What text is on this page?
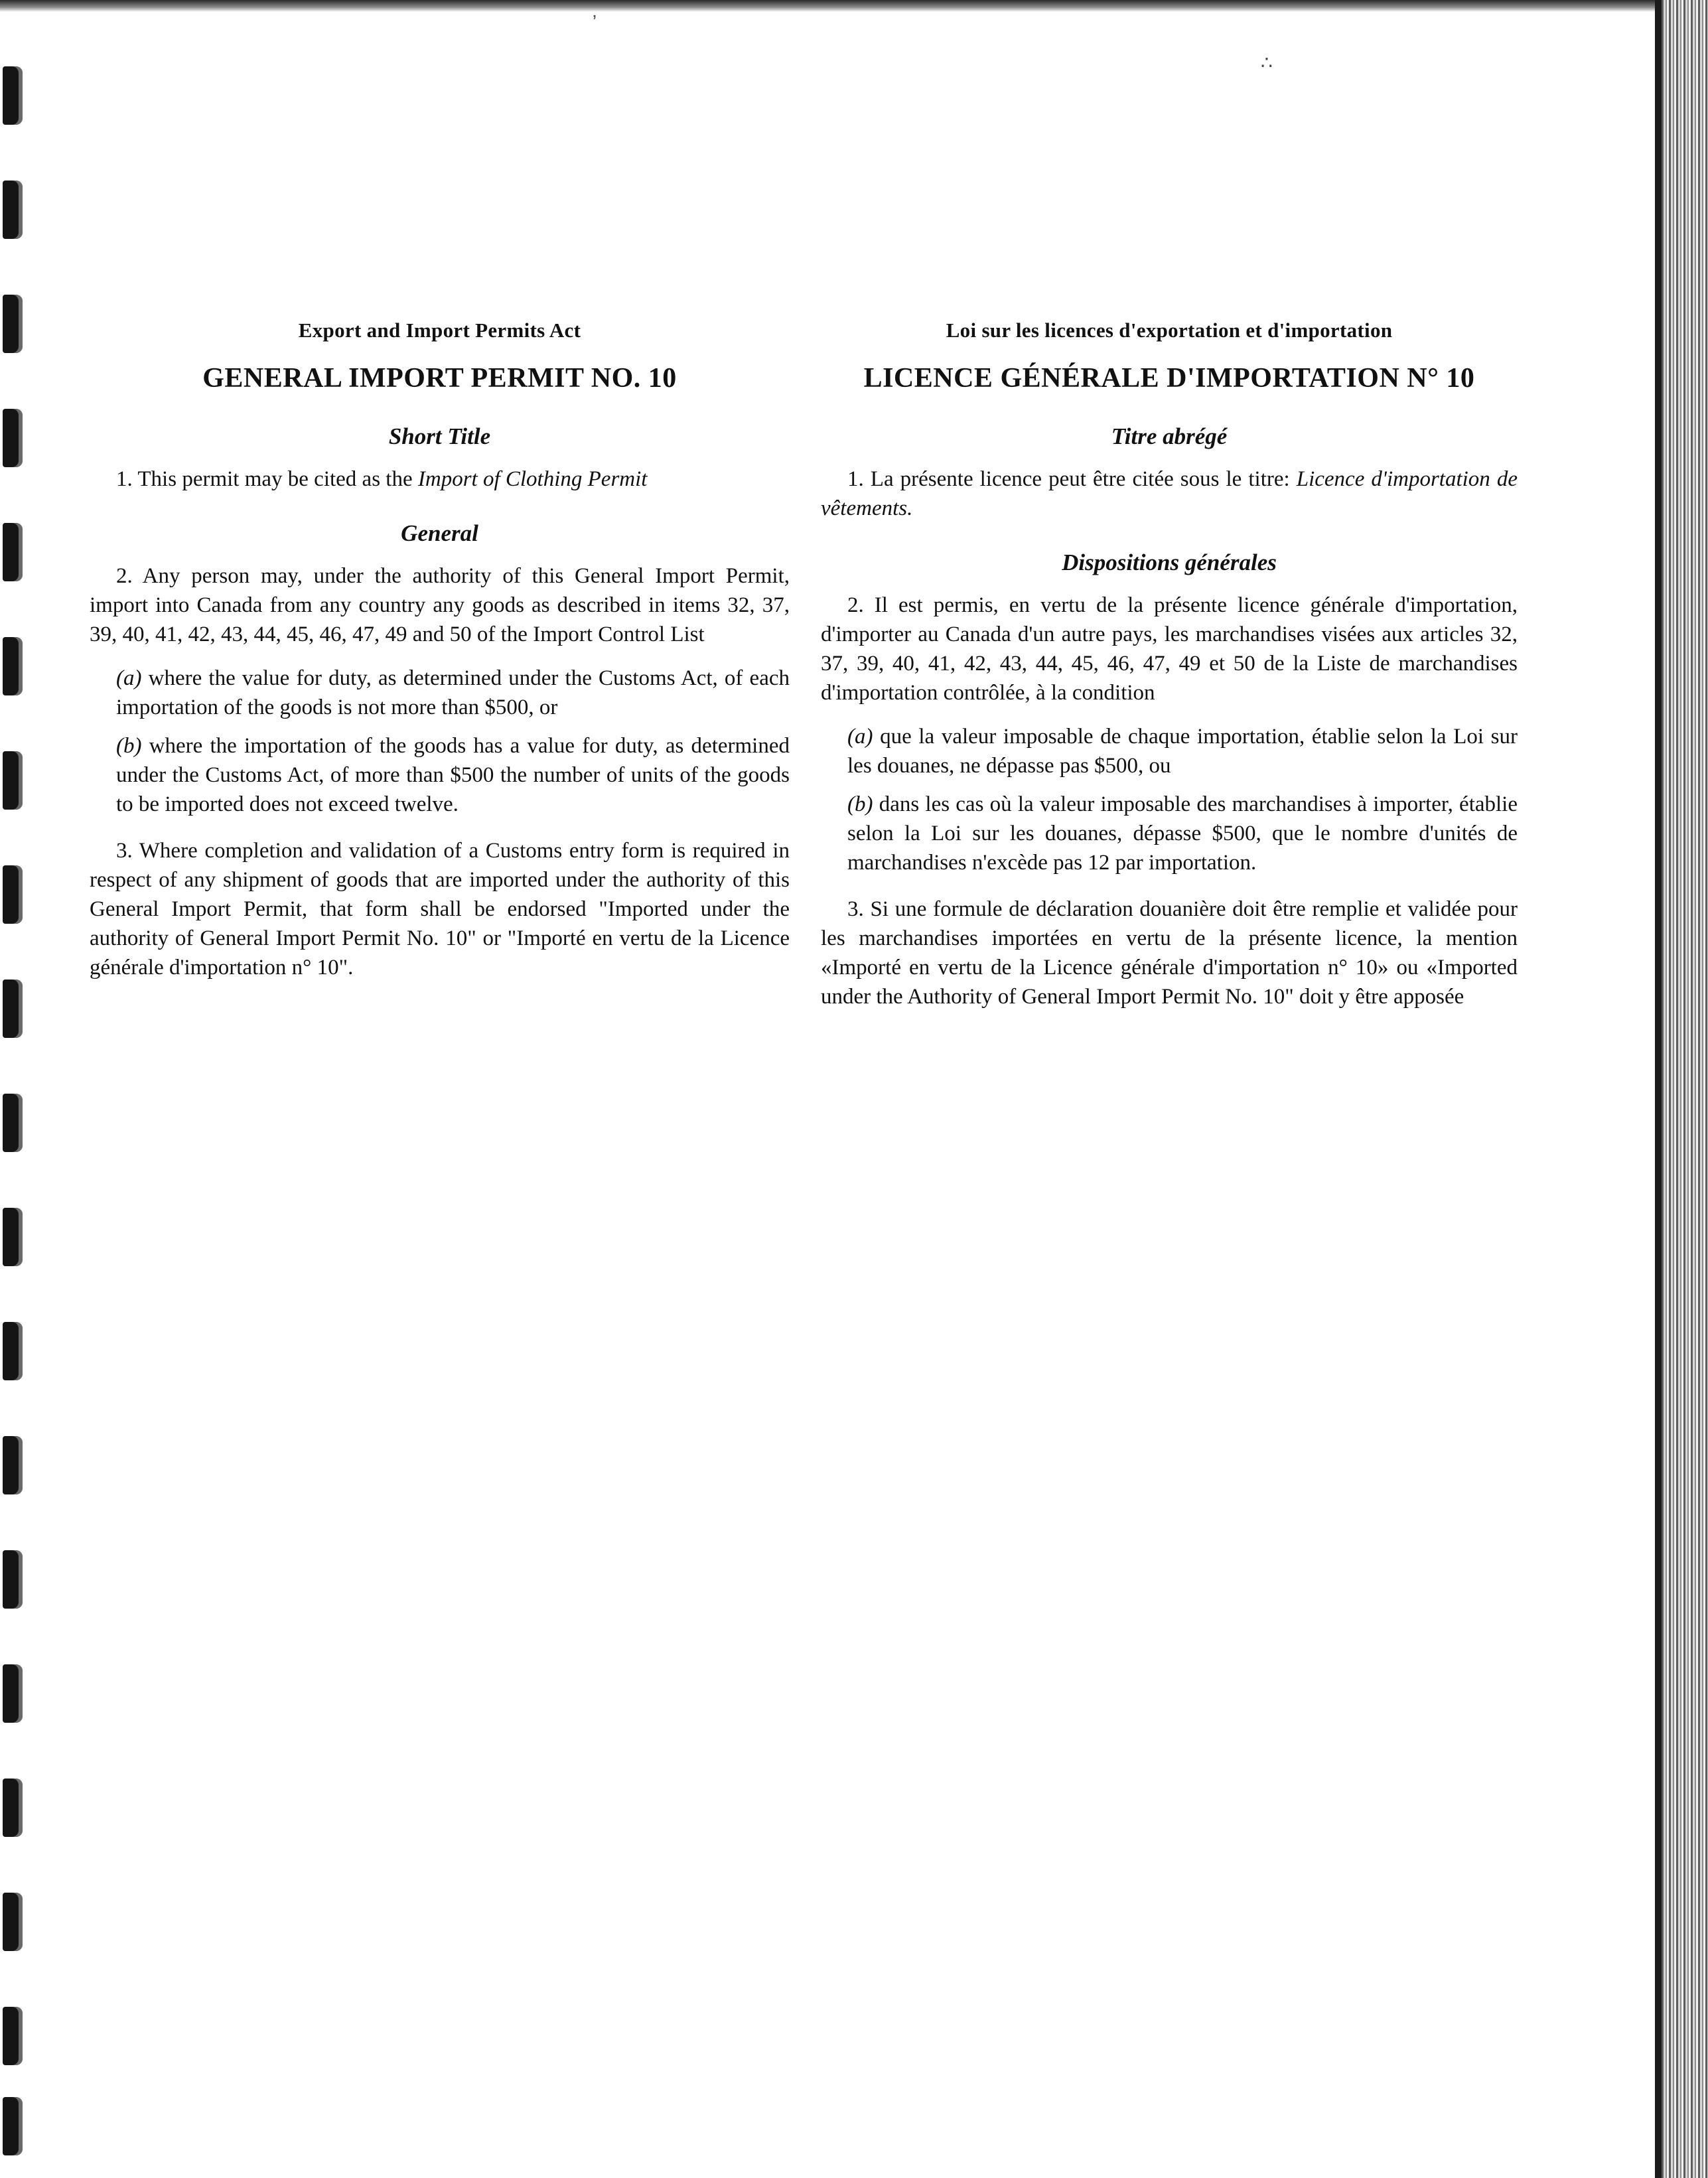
ʼ
∴
Export and Import Permits Act
GENERAL IMPORT PERMIT NO. 10
Short Title

1. This permit may be cited as the Import of Clothing Permit

General

2. Any person may, under the authority of this General Import Permit, import into Canada from any country any goods as described in items 32, 37, 39, 40, 41, 42, 43, 44, 45, 46, 47, 49 and 50 of the Import Control List

(a) where the value for duty, as determined under the Customs Act, of each importation of the goods is not more than $500, or

(b) where the importation of the goods has a value for duty, as determined under the Customs Act, of more than $500 the number of units of the goods to be imported does not exceed twelve.

3. Where completion and validation of a Customs entry form is required in respect of any shipment of goods that are imported under the authority of this General Import Permit, that form shall be endorsed "Imported under the authority of General Import Permit No. 10" or "Importé en vertu de la Licence générale d'importation n° 10".

Loi sur les licences d'exportation et d'importation
LICENCE GÉNÉRALE D'IMPORTATION N° 10
Titre abrégé

1. La présente licence peut être citée sous le titre: Licence d'importation de vêtements.

Dispositions générales

2. Il est permis, en vertu de la présente licence générale d'importation, d'importer au Canada d'un autre pays, les marchandises visées aux articles 32, 37, 39, 40, 41, 42, 43, 44, 45, 46, 47, 49 et 50 de la Liste de marchandises d'importation contrôlée, à la condition

(a) que la valeur imposable de chaque importation, établie selon la Loi sur les douanes, ne dépasse pas $500, ou

(b) dans les cas où la valeur imposable des marchandises à importer, établie selon la Loi sur les douanes, dépasse $500, que le nombre d'unités de marchandises n'excède pas 12 par importation.

3. Si une formule de déclaration douanière doit être remplie et validée pour les marchandises importées en vertu de la présente licence, la mention «Importé en vertu de la Licence générale d'importation n° 10» ou «Imported under the Authority of General Import Permit No. 10" doit y être apposée
